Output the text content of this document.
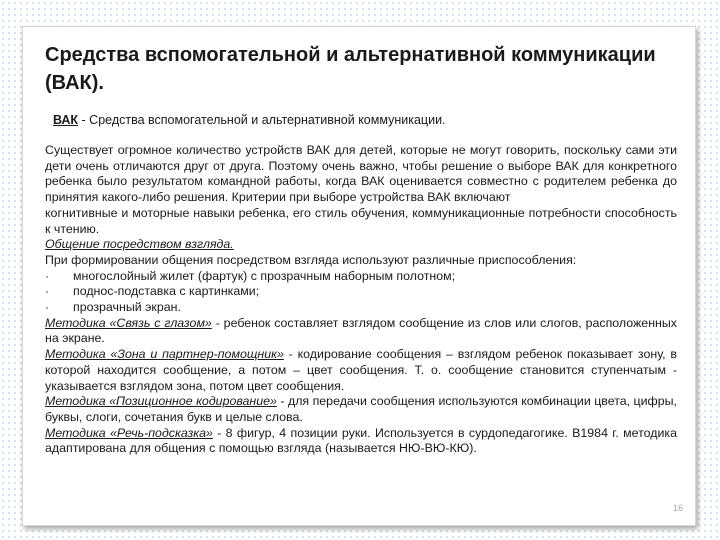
Средства вспомогательной и альтернативной коммуникации (ВАК).
ВАК - Средства вспомогательной и альтернативной коммуникации.

Существует огромное количество устройств ВАК для детей, которые не могут говорить, поскольку сами эти дети очень отличаются друг от друга. Поэтому очень важно, чтобы решение о выборе ВАК для конкретного ребенка было результатом командной работы, когда ВАК оценивается совместно с родителем ребенка до принятия какого-либо решения. Критерии при выборе устройства ВАК включают

когнитивные и моторные навыки ребенка, его стиль обучения, коммуникационные потребности способность к чтению.

Общение посредством взгляда.

При формировании общения посредством взгляда используют различные приспособления:

·	многослойный жилет (фартук) с прозрачным наборным полотном;
·	поднос-подставка с картинками;
·	прозрачный экран.

Методика «Связь с глазом» - ребенок составляет взглядом сообщение из слов или слогов, расположенных на экране.

Методика «Зона и партнер-помощник» - кодирование сообщения – взглядом ребенок показывает зону, в которой находится сообщение, а потом – цвет сообщения. Т. о. сообщение становится ступенчатым - указывается взглядом зона, потом цвет сообщения.

Методика «Позиционное кодирование» - для передачи сообщения используются комбинации цвета, цифры, буквы, слоги, сочетания букв и целые слова.

Методика «Речь-подсказка» - 8 фигур, 4 позиции руки. Используется в сурдопедагогике. В1984 г. методика адаптирована для общения с помощью взгляда (называется НЮ-ВЮ-КЮ).

16
